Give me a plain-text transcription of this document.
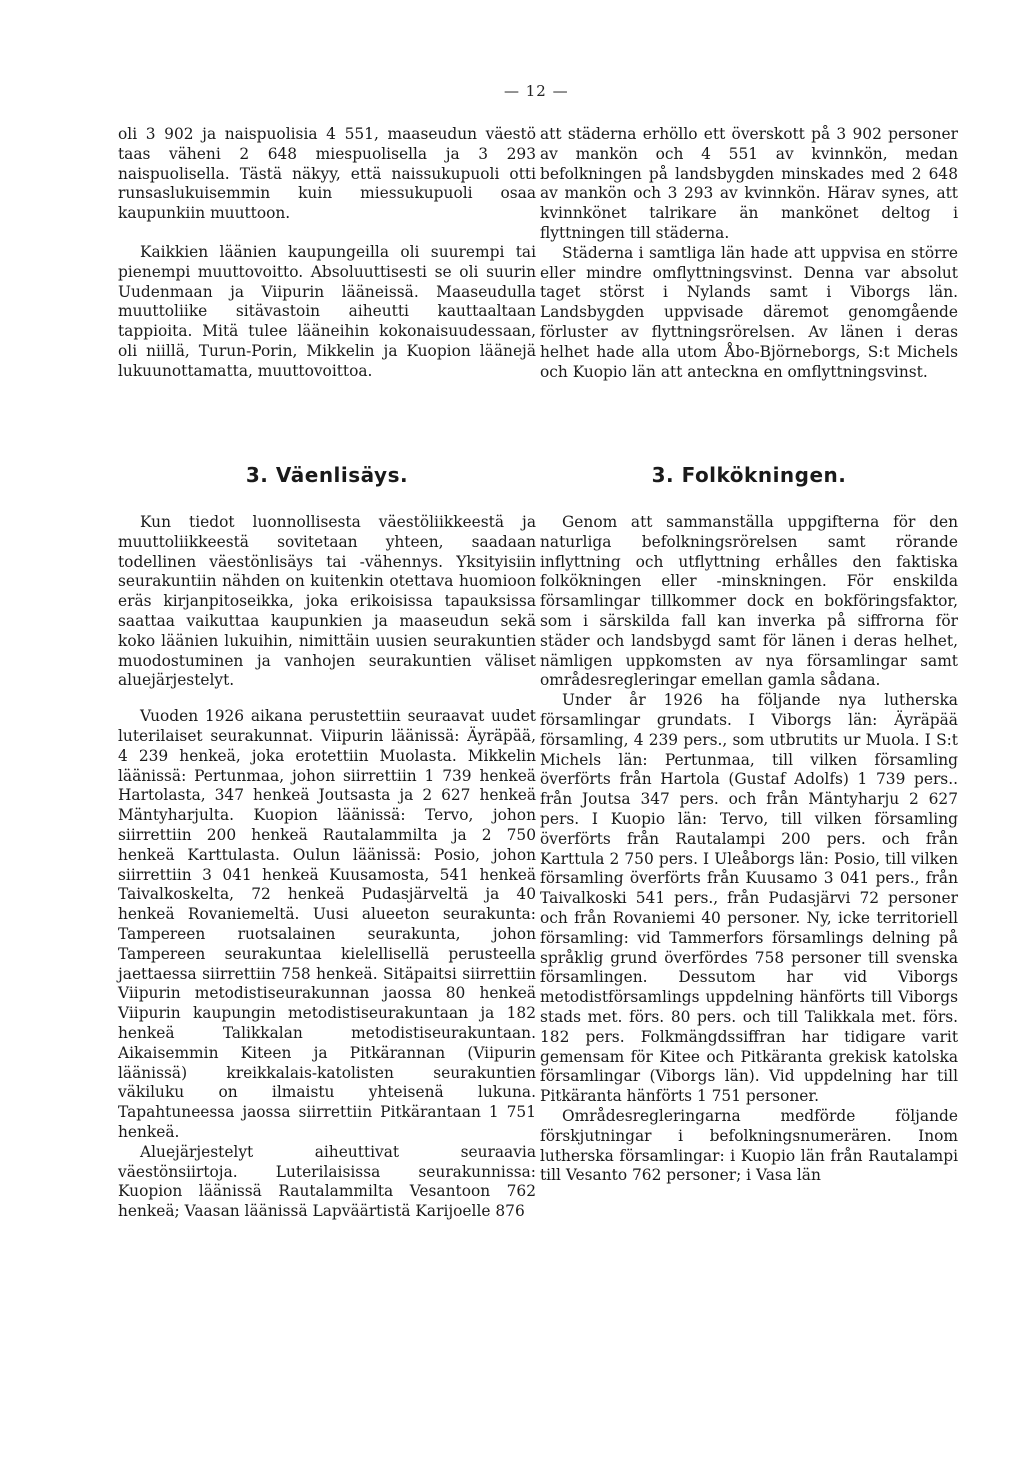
— 12 —

oli 3 902 ja naispuolisia 4 551, maaseudun väestö taas väheni 2 648 miespuolisella ja 3 293 naispuolisella. Tästä näkyy, että naissukupuoli otti runsaslukuisemmin kuin miessukupuoli osaa kaupunkiin muuttoon.

Kaikkien läänien kaupungeilla oli suurempi tai pienempi muuttovoitto. Absoluuttisesti se oli suurin Uudenmaan ja Viipurin lääneissä. Maaseudulla muuttoliike sitävastoin aiheutti kauttaaltaan tappioita. Mitä tulee lääneihin kokonaisuudessaan, oli niillä, Turun-Porin, Mikkelin ja Kuopion läänejä lukuunottamatta, muuttovoittoa.

att städerna erhöllo ett överskott på 3 902 personer av mankön och 4 551 av kvinnkön, medan befolkningen på landsbygden minskades med 2 648 av mankön och 3 293 av kvinnkön. Härav synes, att kvinnkönet talrikare än mankönet deltog i flyttningen till städerna.

Städerna i samtliga län hade att uppvisa en större eller mindre omflyttningsvinst. Denna var absolut taget störst i Nylands samt i Viborgs län. Landsbygden uppvisade däremot genomgående förluster av flyttningsrörelsen. Av länen i deras helhet hade alla utom Åbo-Björneborgs, S:t Michels och Kuopio län att anteckna en omflyttningsvinst.

3. Väenlisäys.	3. Folkökningen.

Kun tiedot luonnollisesta väestöliikkeestä ja muuttoliikkeestä sovitetaan yhteen, saadaan todellinen väestönlisäys tai -vähennys. Yksityisiin seurakuntiin nähden on kuitenkin otettava huomioon eräs kirjanpitoseikka, joka erikoisissa tapauksissa saattaa vaikuttaa kaupunkien ja maaseudun sekä koko läänien lukuihin, nimittäin uusien seurakuntien muodostuminen ja vanhojen seurakuntien väliset aluejärjestelyt.

Vuoden 1926 aikana perustettiin seuraavat uudet luterilaiset seurakunnat. Viipurin läänissä: Äyräpää, 4 239 henkeä, joka erotettiin Muolasta. Mikkelin läänissä: Pertunmaa, johon siirrettiin 1 739 henkeä Hartolasta, 347 henkeä Joutsasta ja 2 627 henkeä Mäntyharjulta. Kuopion läänissä: Tervo, johon siirrettiin 200 henkeä Rautalammilta ja 2 750 henkeä Karttulasta. Oulun läänissä: Posio, johon siirrettiin 3 041 henkeä Kuusamosta, 541 henkeä Taivalkoskelta, 72 henkeä Pudasjärveltä ja 40 henkeä Rovaniemeltä. Uusi alueeton seurakunta: Tampereen ruotsalainen seurakunta, johon Tampereen seurakuntaa kielellisellä perusteella jaettaessa siirrettiin 758 henkeä. Sitäpaitsi siirrettiin Viipurin metodistiseurakunnan jaossa 80 henkeä Viipurin kaupungin metodistiseurakuntaan ja 182 henkeä Talikkalan metodistiseurakuntaan. Aikaisemmin Kiteen ja Pitkärannan (Viipurin läänissä) kreikkalais-katolisten seurakuntien väkiluku on ilmaistu yhteisenä lukuna. Tapahtuneessa jaossa siirrettiin Pitkärantaan 1 751 henkeä.

Aluejärjestelyt aiheuttivat seuraavia väestönsiirtoja. Luterilaisissa seurakunnissa: Kuopion läänissä Rautalammilta Vesantoon 762 henkeä; Vaasan läänissä Lapväärtistä Karijoelle 876

Genom att sammanställa uppgifterna för den naturliga befolkningsrörelsen samt rörande inflyttning och utflyttning erhålles den faktiska folkökningen eller -minskningen. För enskilda församlingar tillkommer dock en bokföringsfaktor, som i särskilda fall kan inverka på siffrorna för städer och landsbygd samt för länen i deras helhet, nämligen uppkomsten av nya församlingar samt områdesregleringar emellan gamla sådana.

Under år 1926 ha följande nya lutherska församlingar grundats. I Viborgs län: Äyräpää församling, 4 239 pers., som utbrutits ur Muola. I S:t Michels län: Pertunmaa, till vilken församling överförts från Hartola (Gustaf Adolfs) 1 739 pers.. från Joutsa 347 pers. och från Mäntyharju 2 627 pers. I Kuopio län: Tervo, till vilken församling överförts från Rautalampi 200 pers. och från Karttula 2 750 pers. I Uleåborgs län: Posio, till vilken församling överförts från Kuusamo 3 041 pers., från Taivalkoski 541 pers., från Pudasjärvi 72 personer och från Rovaniemi 40 personer. Ny, icke territoriell församling: vid Tammerfors församlings delning på språklig grund överfördes 758 personer till svenska församlingen. Dessutom har vid Viborgs metodistförsamlings uppdelning hänförts till Viborgs stads met. förs. 80 pers. och till Talikkala met. förs. 182 pers. Folkmängdssiffran har tidigare varit gemensam för Kitee och Pitkäranta grekisk katolska församlingar (Viborgs län). Vid uppdelning har till Pitkäranta hänförts 1 751 personer.

Områdesregleringarna medförde följande förskjutningar i befolkningsnumerären. Inom lutherska församlingar: i Kuopio län från Rautalampi till Vesanto 762 personer; i Vasa län
